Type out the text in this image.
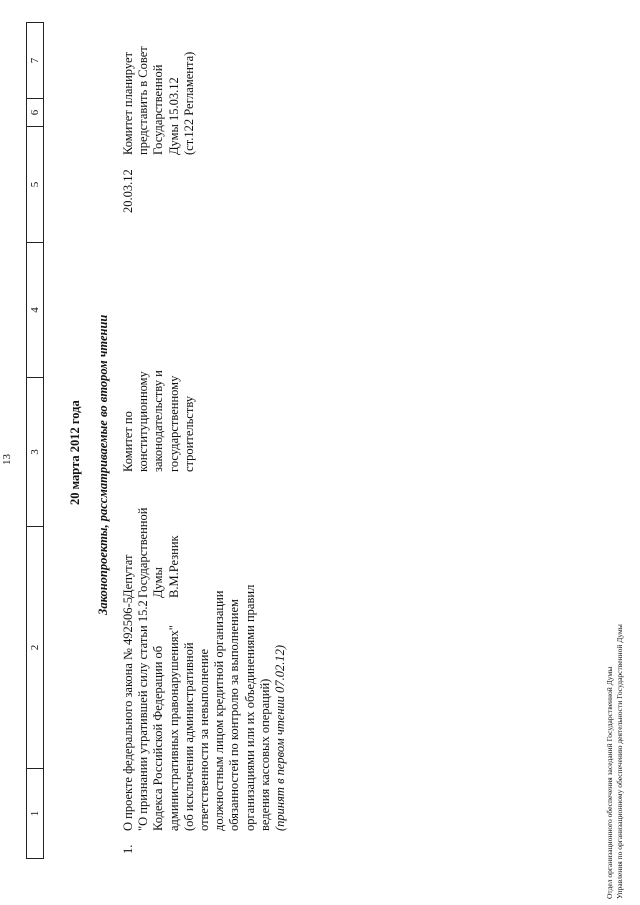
13
1
2
3
4
5
6
7
20 марта 2012 года Законопроекты, рассматриваемые во втором чтении
1.
О проекте федерального закона № 492506-5 "О признании утратившей силу статьи 15.2 Кодекса Российской Федерации об административных правонарушениях" (об исключении административной ответственности за невыполнение должностным лицом кредитной организации обязанностей по контролю за выполнением организациями или их объединениями правил ведения кассовых операций) (принят в первом чтении 07.02.12)
Депутат Государственной Думы В.М.Резник
Комитет по конституционному законодательству и государственному строительству
20.03.12
Комитет планирует представить в Совет Государственной Думы 15.03.12 (ст.122 Регламента)
Отдел организационного обеспечения заседаний Государственной Думы Управления по организационному обеспечению деятельности Государственной Думы
